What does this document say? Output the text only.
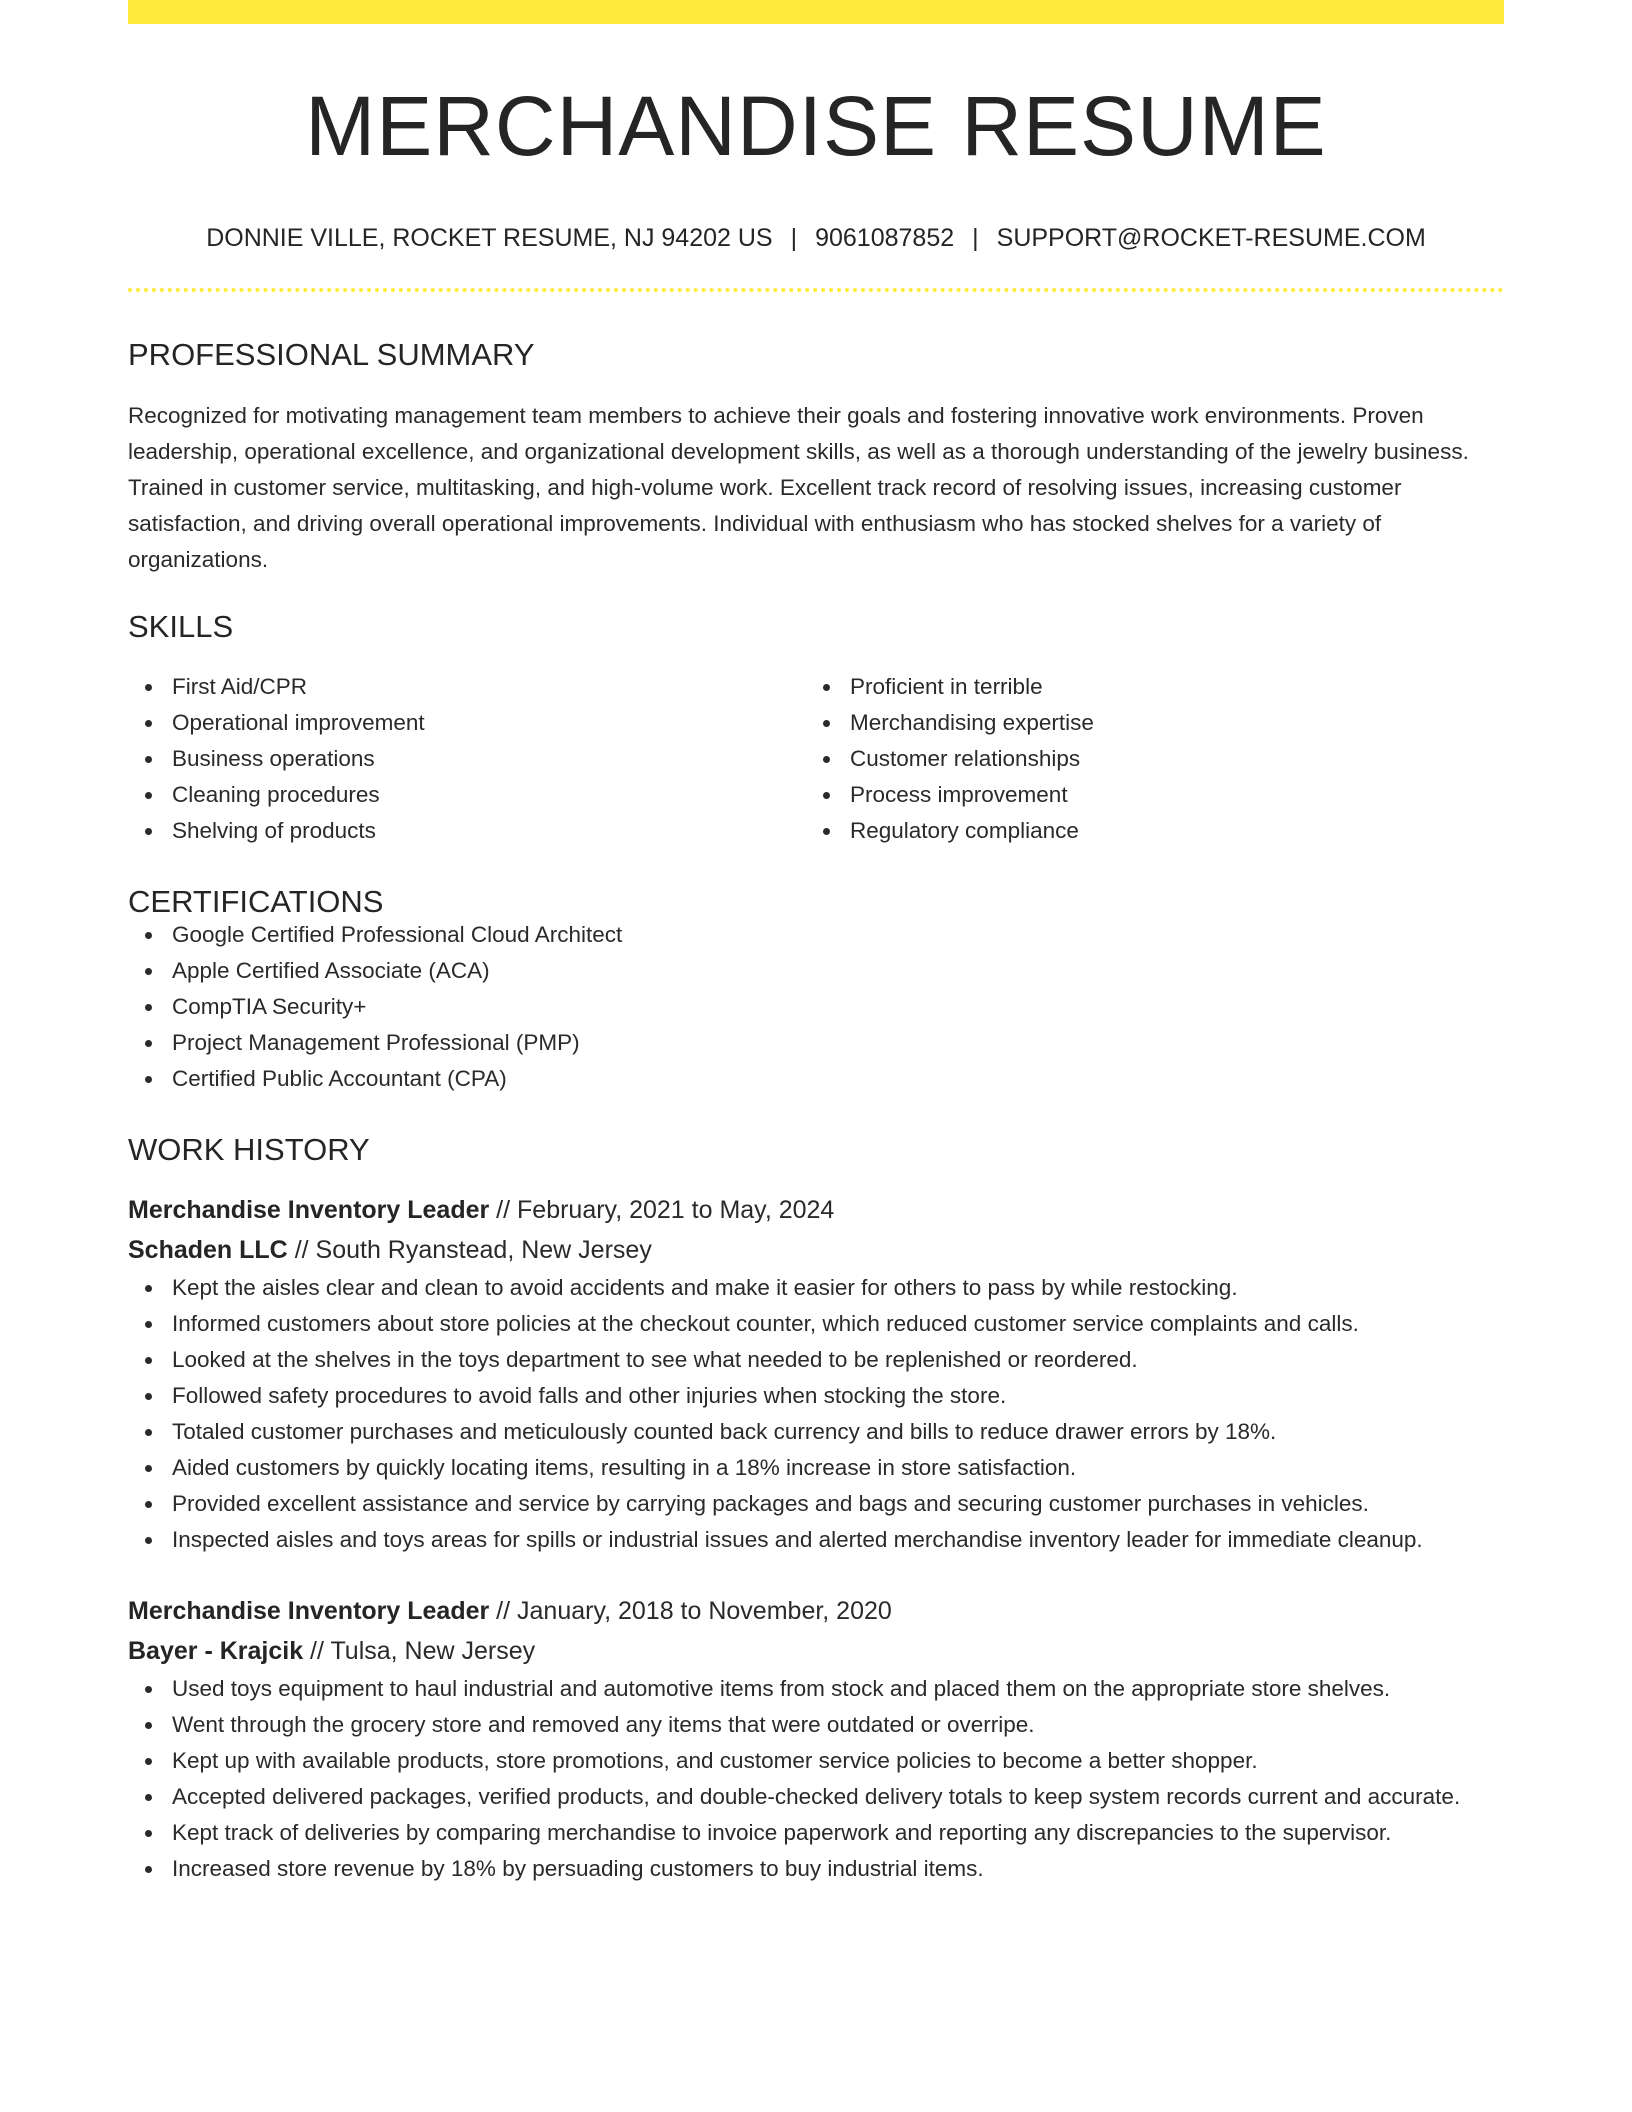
MERCHANDISE RESUME
DONNIE VILLE, ROCKET RESUME, NJ 94202 US | 9061087852 | SUPPORT@ROCKET-RESUME.COM
PROFESSIONAL SUMMARY

Recognized for motivating management team members to achieve their goals and fostering innovative work environments. Proven leadership, operational excellence, and organizational development skills, as well as a thorough understanding of the jewelry business. Trained in customer service, multitasking, and high-volume work. Excellent track record of resolving issues, increasing customer satisfaction, and driving overall operational improvements. Individual with enthusiasm who has stocked shelves for a variety of organizations.

SKILLS
First Aid/CPR
Operational improvement
Business operations
Cleaning procedures
Shelving of products
Proficient in terrible
Merchandising expertise
Customer relationships
Process improvement
Regulatory compliance
CERTIFICATIONS
Google Certified Professional Cloud Architect
Apple Certified Associate (ACA)
CompTIA Security+
Project Management Professional (PMP)
Certified Public Accountant (CPA)
WORK HISTORY
Merchandise Inventory Leader // February, 2021 to May, 2024
Schaden LLC // South Ryanstead, New Jersey
Kept the aisles clear and clean to avoid accidents and make it easier for others to pass by while restocking.
Informed customers about store policies at the checkout counter, which reduced customer service complaints and calls.
Looked at the shelves in the toys department to see what needed to be replenished or reordered.
Followed safety procedures to avoid falls and other injuries when stocking the store.
Totaled customer purchases and meticulously counted back currency and bills to reduce drawer errors by 18%.
Aided customers by quickly locating items, resulting in a 18% increase in store satisfaction.
Provided excellent assistance and service by carrying packages and bags and securing customer purchases in vehicles.
Inspected aisles and toys areas for spills or industrial issues and alerted merchandise inventory leader for immediate cleanup.
Merchandise Inventory Leader // January, 2018 to November, 2020
Bayer - Krajcik // Tulsa, New Jersey
Used toys equipment to haul industrial and automotive items from stock and placed them on the appropriate store shelves.
Went through the grocery store and removed any items that were outdated or overripe.
Kept up with available products, store promotions, and customer service policies to become a better shopper.
Accepted delivered packages, verified products, and double-checked delivery totals to keep system records current and accurate.
Kept track of deliveries by comparing merchandise to invoice paperwork and reporting any discrepancies to the supervisor.
Increased store revenue by 18% by persuading customers to buy industrial items.
